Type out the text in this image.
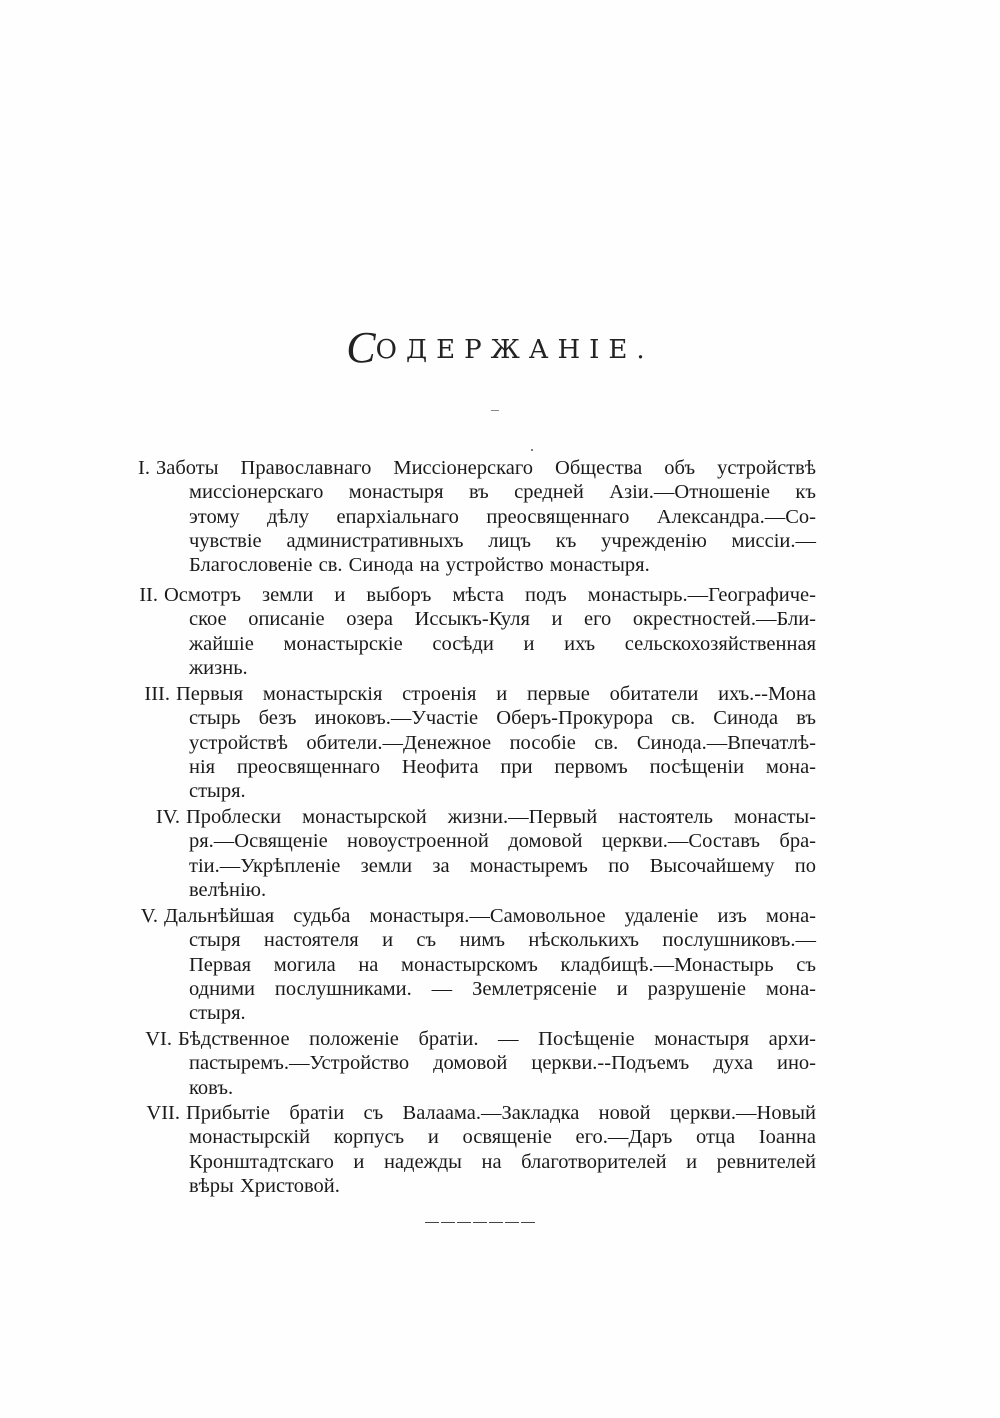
СОДЕРЖАНІЕ.
I. Заботы Православнаго Миссіонерскаго Общества объ устройствѣ
миссіонерскаго монастыря въ средней Азіи.—Отношеніе къ
этому дѣлу епархіальнаго преосвященнаго Александра.—Со-
чувствіе административныхъ лицъ къ учрежденію миссіи.—
Благословеніе св. Синода на устройство монастыря.
II. Осмотръ земли и выборъ мѣста подъ монастырь.—Географиче-
ское описаніе озера Иссыкъ-Куля и его окрестностей.—Бли-
жайшіе монастырскіе сосѣди и ихъ сельскохозяйственная
жизнь.
III. Первыя монастырскія строенія и первые обитатели ихъ.--Мона
стырь безъ иноковъ.—Участіе Оберъ-Прокурора св. Синода въ
устройствѣ обители.—Денежное пособіе св. Синода.—Впечатлѣ-
нія преосвященнаго Неофита при первомъ посѣщеніи мона-
стыря.
IV. Проблески монастырской жизни.—Первый настоятель монасты-
ря.—Освященіе новоустроенной домовой церкви.—Составъ бра-
тіи.—Укрѣпленіе земли за монастыремъ по Высочайшему по
велѣнію.
V. Дальнѣйшая судьба монастыря.—Самовольное удаленіе изъ мона-
стыря настоятеля и съ нимъ нѣсколькихъ послушниковъ.—
Первая могила на монастырскомъ кладбищѣ.—Монастырь съ
одними послушниками. — Землетрясеніе и разрушеніе мона-
стыря.
VI. Бѣдственное положеніе братіи. — Посѣщеніе монастыря архи-
пастыремъ.—Устройство домовой церкви.--Подъемъ духа ино-
ковъ.
VII. Прибытіе братіи съ Валаама.—Закладка новой церкви.—Новый
монастырскій корпусъ и освященіе его.—Даръ отца Іоанна
Кронштадтскаго и надежды на благотворителей и ревнителей
вѣры Христовой.
